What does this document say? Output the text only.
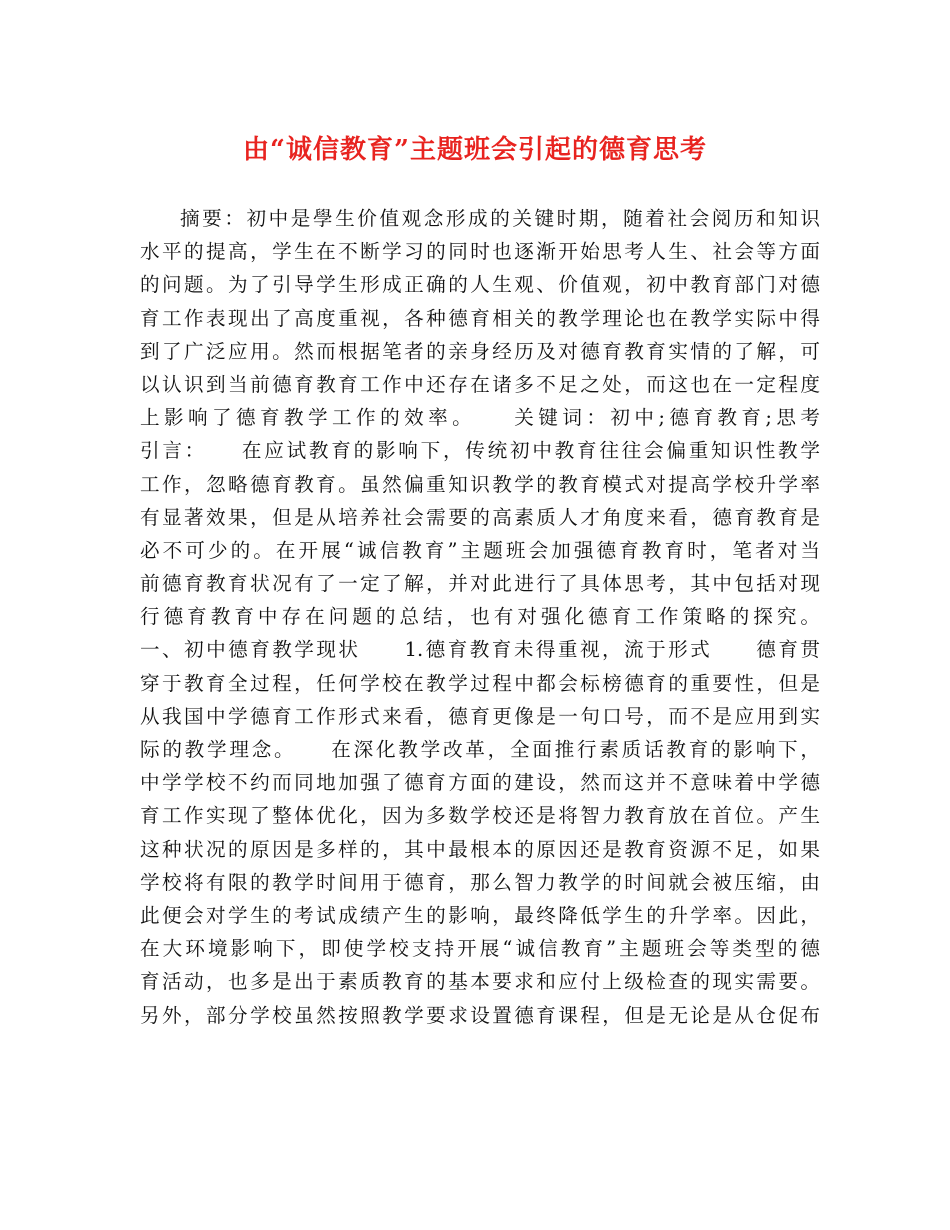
由“诚信教育”主题班会引起的德育思考
摘要：初中是學生价值观念形成的关键时期，随着社会阅历和知识
水平的提高，学生在不断学习的同时也逐渐开始思考人生、社会等方面
的问题。为了引导学生形成正确的人生观、价值观，初中教育部门对德
育工作表现出了高度重视，各种德育相关的教学理论也在教学实际中得
到了广泛应用。然而根据笔者的亲身经历及对德育教育实情的了解，可
以认识到当前德育教育工作中还存在诸多不足之处，而这也在一定程度
上影响了德育教学工作的效率。　　关键词：初中;德育教育;思考
引言：　　在应试教育的影响下，传统初中教育往往会偏重知识性教学
工作，忽略德育教育。虽然偏重知识教学的教育模式对提高学校升学率
有显著效果，但是从培养社会需要的高素质人才角度来看，德育教育是
必不可少的。在开展“诚信教育”主题班会加强德育教育时，笔者对当
前德育教育状况有了一定了解，并对此进行了具体思考，其中包括对现
行德育教育中存在问题的总结，也有对强化德育工作策略的探究。
一、初中德育教学现状　　1.德育教育未得重视，流于形式　　德育贯
穿于教育全过程，任何学校在教学过程中都会标榜德育的重要性，但是
从我国中学德育工作形式来看，德育更像是一句口号，而不是应用到实
际的教学理念。　　在深化教学改革，全面推行素质话教育的影响下，
中学学校不约而同地加强了德育方面的建设，然而这并不意味着中学德
育工作实现了整体优化，因为多数学校还是将智力教育放在首位。产生
这种状况的原因是多样的，其中最根本的原因还是教育资源不足，如果
学校将有限的教学时间用于德育，那么智力教学的时间就会被压缩，由
此便会对学生的考试成绩产生的影响，最终降低学生的升学率。因此，
在大环境影响下，即使学校支持开展“诚信教育”主题班会等类型的德
育活动，也多是出于素质教育的基本要求和应付上级检查的现实需要。
另外，部分学校虽然按照教学要求设置德育课程，但是无论是从仓促布
